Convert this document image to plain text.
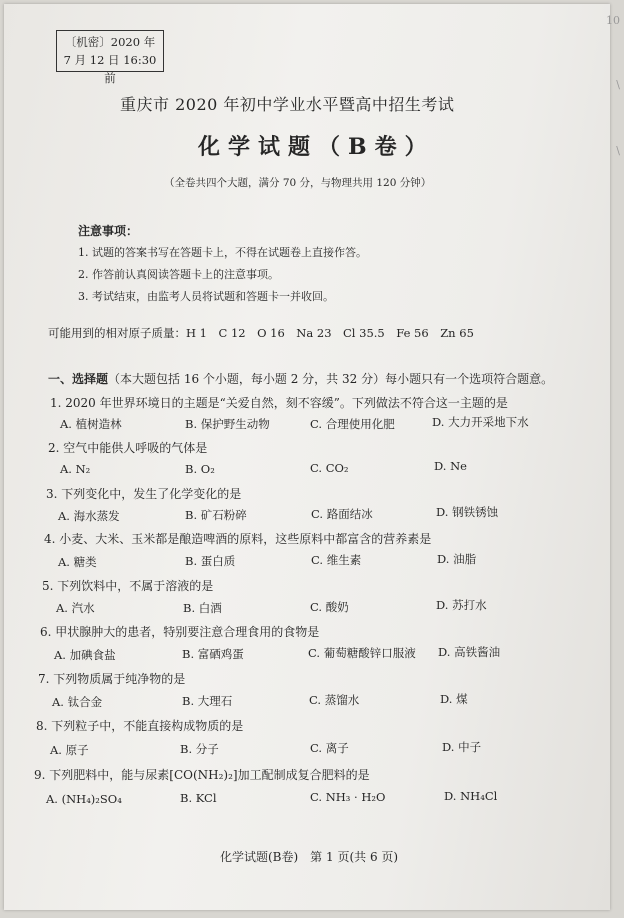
10
\
\
〔机密〕2020 年
7 月 12 日 16:30 前
重庆市 2020 年初中学业水平暨高中招生考试
化学试题（B卷）
（全卷共四个大题，满分 70 分，与物理共用 120 分钟）
注意事项：
1. 试题的答案书写在答题卡上，不得在试题卷上直接作答。
2. 作答前认真阅读答题卡上的注意事项。
3. 考试结束，由监考人员将试题和答题卡一并收回。
可能用到的相对原子质量：H 1　C 12　O 16　Na 23　Cl 35.5　Fe 56　Zn 65
一、选择题（本大题包括 16 个小题，每小题 2 分，共 32 分）每小题只有一个选项符合题意。
1. 2020 年世界环境日的主题是“关爱自然，刻不容缓”。下列做法不符合这一主题的是
A. 植树造林	B. 保护野生动物	C. 合理使用化肥	D. 大力开采地下水
2. 空气中能供人呼吸的气体是
A. N₂	B. O₂	C. CO₂	D. Ne
3. 下列变化中，发生了化学变化的是
A. 海水蒸发	B. 矿石粉碎	C. 路面结冰	D. 钢铁锈蚀
4. 小麦、大米、玉米都是酿造啤酒的原料，这些原料中都富含的营养素是
A. 糖类	B. 蛋白质	C. 维生素	D. 油脂
5. 下列饮料中，不属于溶液的是
A. 汽水	B. 白酒	C. 酸奶	D. 苏打水
6. 甲状腺肿大的患者，特别要注意合理食用的食物是
A. 加碘食盐	B. 富硒鸡蛋	C. 葡萄糖酸锌口服液 D. 高铁酱油
7. 下列物质属于纯净物的是
A. 钛合金	B. 大理石	C. 蒸馏水	D. 煤
8. 下列粒子中，不能直接构成物质的是
A. 原子	B. 分子	C. 离子	D. 中子
9. 下列肥料中，能与尿素[CO(NH₂)₂]加工配制成复合肥料的是
A. (NH₄)₂SO₄	B. KCl	C. NH₃ · H₂O	D. NH₄Cl
化学试题(B卷)　第 1 页(共 6 页)
